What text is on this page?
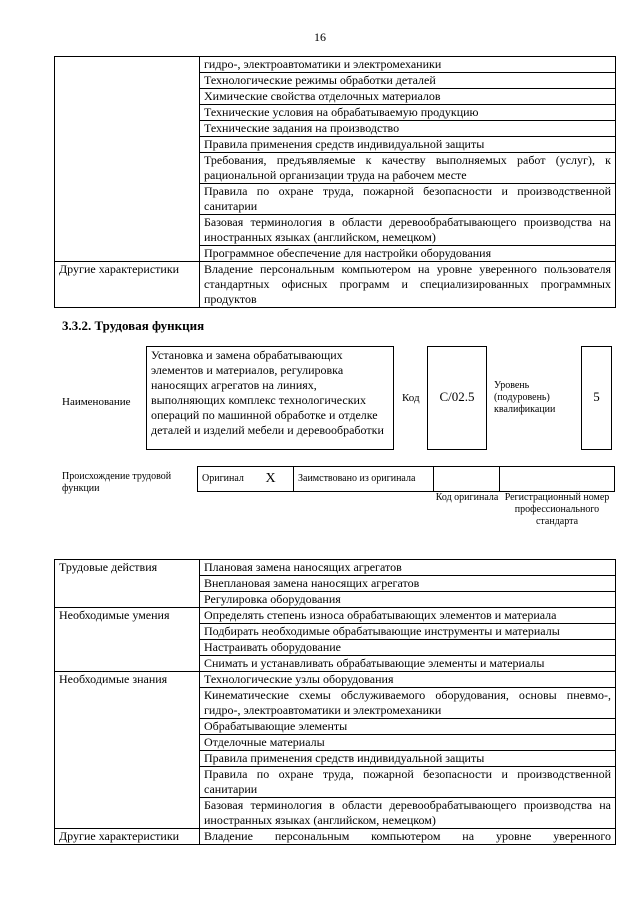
16
	гидро-, электроавтоматики и электромеханики
	Технологические режимы обработки деталей
	Химические свойства отделочных материалов
	Технические условия на обрабатываемую продукцию
	Технические задания на производство
	Правила применения средств индивидуальной защиты
	Требования, предъявляемые к качеству выполняемых работ (услуг), к рациональной организации труда на рабочем месте
	Правила по охране труда, пожарной безопасности и производственной санитарии
	Базовая терминология в области деревообрабатывающего производства на иностранных языках (английском, немецком)
	Программное обеспечение для настройки оборудования
Другие характеристики	Владение персональным компьютером на уровне уверенного пользователя стандартных офисных программ и специализированных программных продуктов
3.3.2. Трудовая функция
Наименование
Установка и замена обрабатывающих элементов и материалов, регулировка наносящих агрегатов на линиях, выполняющих комплекс технологических операций по машинной обработке и отделке деталей и изделий мебели и деревообработки
Код	C/02.5
Уровень (подуровень) квалификации
5
Происхождение трудовой функции
Оригинал	X	Заимствовано из оригинала		
Код оригинала Регистрационный номер профессионального стандарта
Трудовые действия	Плановая замена наносящих агрегатов
	Внеплановая замена наносящих агрегатов
	Регулировка оборудования
Необходимые умения	Определять степень износа обрабатывающих элементов и материала
	Подбирать необходимые обрабатывающие инструменты и материалы
	Настраивать оборудование
	Снимать и устанавливать обрабатывающие элементы и материалы
Необходимые знания	Технологические узлы оборудования
	Кинематические схемы обслуживаемого оборудования, основы пневмо-, гидро-, электроавтоматики и электромеханики
	Обрабатывающие элементы
	Отделочные материалы
	Правила применения средств индивидуальной защиты
	Правила по охране труда, пожарной безопасности и производственной санитарии
	Базовая терминология в области деревообрабатывающего производства на иностранных языках (английском, немецком)
Другие характеристики	Владение персональным компьютером на уровне уверенного
